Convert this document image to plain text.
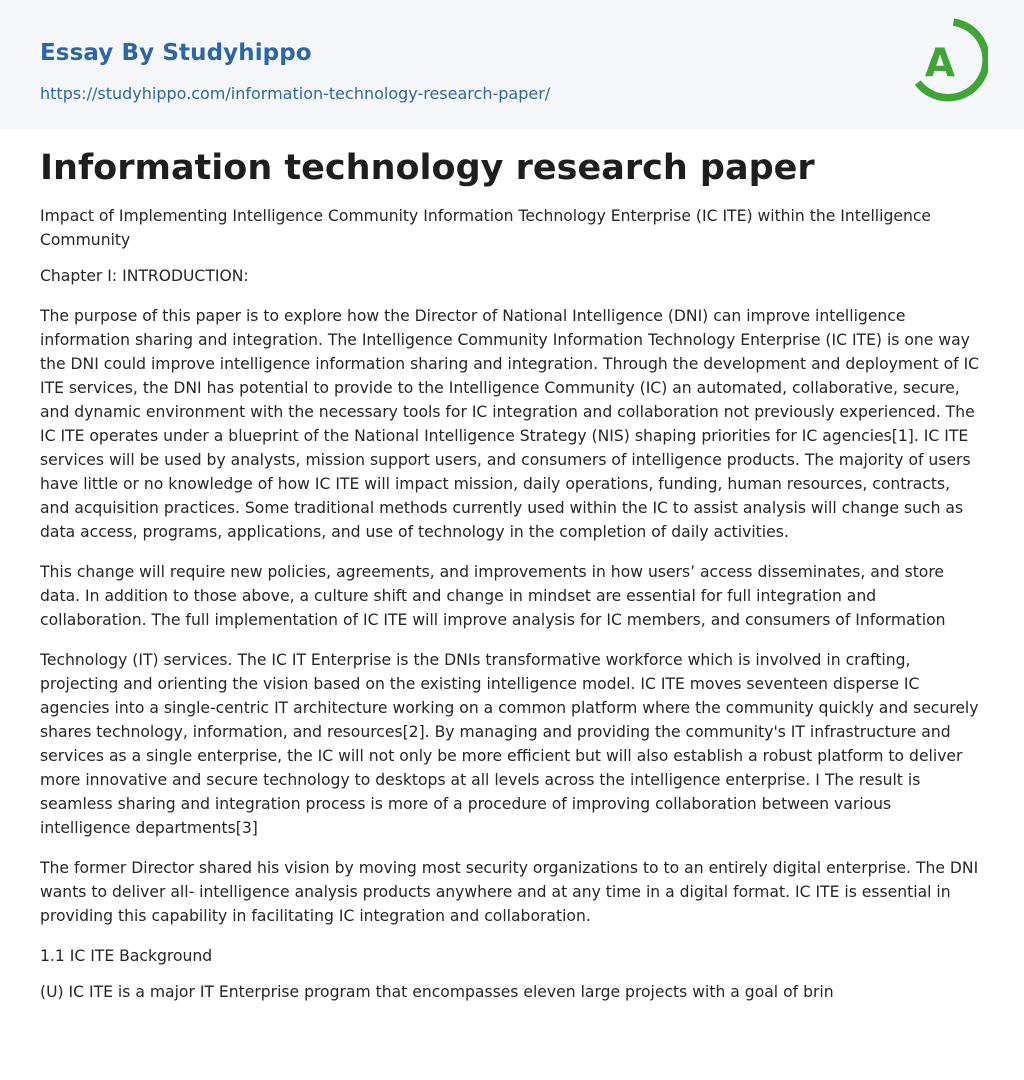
Essay By Studyhippo
https://studyhippo.com/information-technology-research-paper/
A
Information technology research paper

Impact of Implementing Intelligence Community Information Technology Enterprise (IC ITE) within the Intelligence Community

Chapter I: INTRODUCTION:

The purpose of this paper is to explore how the Director of National Intelligence (DNI) can improve intelligence information sharing and integration. The Intelligence Community Information Technology Enterprise (IC ITE) is one way the DNI could improve intelligence information sharing and integration. Through the development and deployment of IC ITE services, the DNI has potential to provide to the Intelligence Community (IC) an automated, collaborative, secure, and dynamic environment with the necessary tools for IC integration and collaboration not previously experienced. The IC ITE operates under a blueprint of the National Intelligence Strategy (NIS) shaping priorities for IC agencies[1]. IC ITE services will be used by analysts, mission support users, and consumers of intelligence products. The majority of users have little or no knowledge of how IC ITE will impact mission, daily operations, funding, human resources, contracts, and acquisition practices. Some traditional methods currently used within the IC to assist analysis will change such as data access, programs, applications, and use of technology in the completion of daily activities.

This change will require new policies, agreements, and improvements in how users’ access disseminates, and store data. In addition to those above, a culture shift and change in mindset are essential for full integration and collaboration. The full implementation of IC ITE will improve analysis for IC members, and consumers of Information

Technology (IT) services. The IC IT Enterprise is the DNIs transformative workforce which is involved in crafting, projecting and orienting the vision based on the existing intelligence model. IC ITE moves seventeen disperse IC agencies into a single-centric IT architecture working on a common platform where the community quickly and securely shares technology, information, and resources[2]. By managing and providing the community's IT infrastructure and services as a single enterprise, the IC will not only be more efficient but will also establish a robust platform to deliver more innovative and secure technology to desktops at all levels across the intelligence enterprise. I The result is seamless sharing and integration process is more of a procedure of improving collaboration between various intelligence departments[3]

The former Director shared his vision by moving most security organizations to to an entirely digital enterprise. The DNI wants to deliver all- intelligence analysis products anywhere and at any time in a digital format. IC ITE is essential in providing this capability in facilitating IC integration and collaboration.

1.1 IC ITE Background

(U) IC ITE is a major IT Enterprise program that encompasses eleven large projects with a goal of brin
